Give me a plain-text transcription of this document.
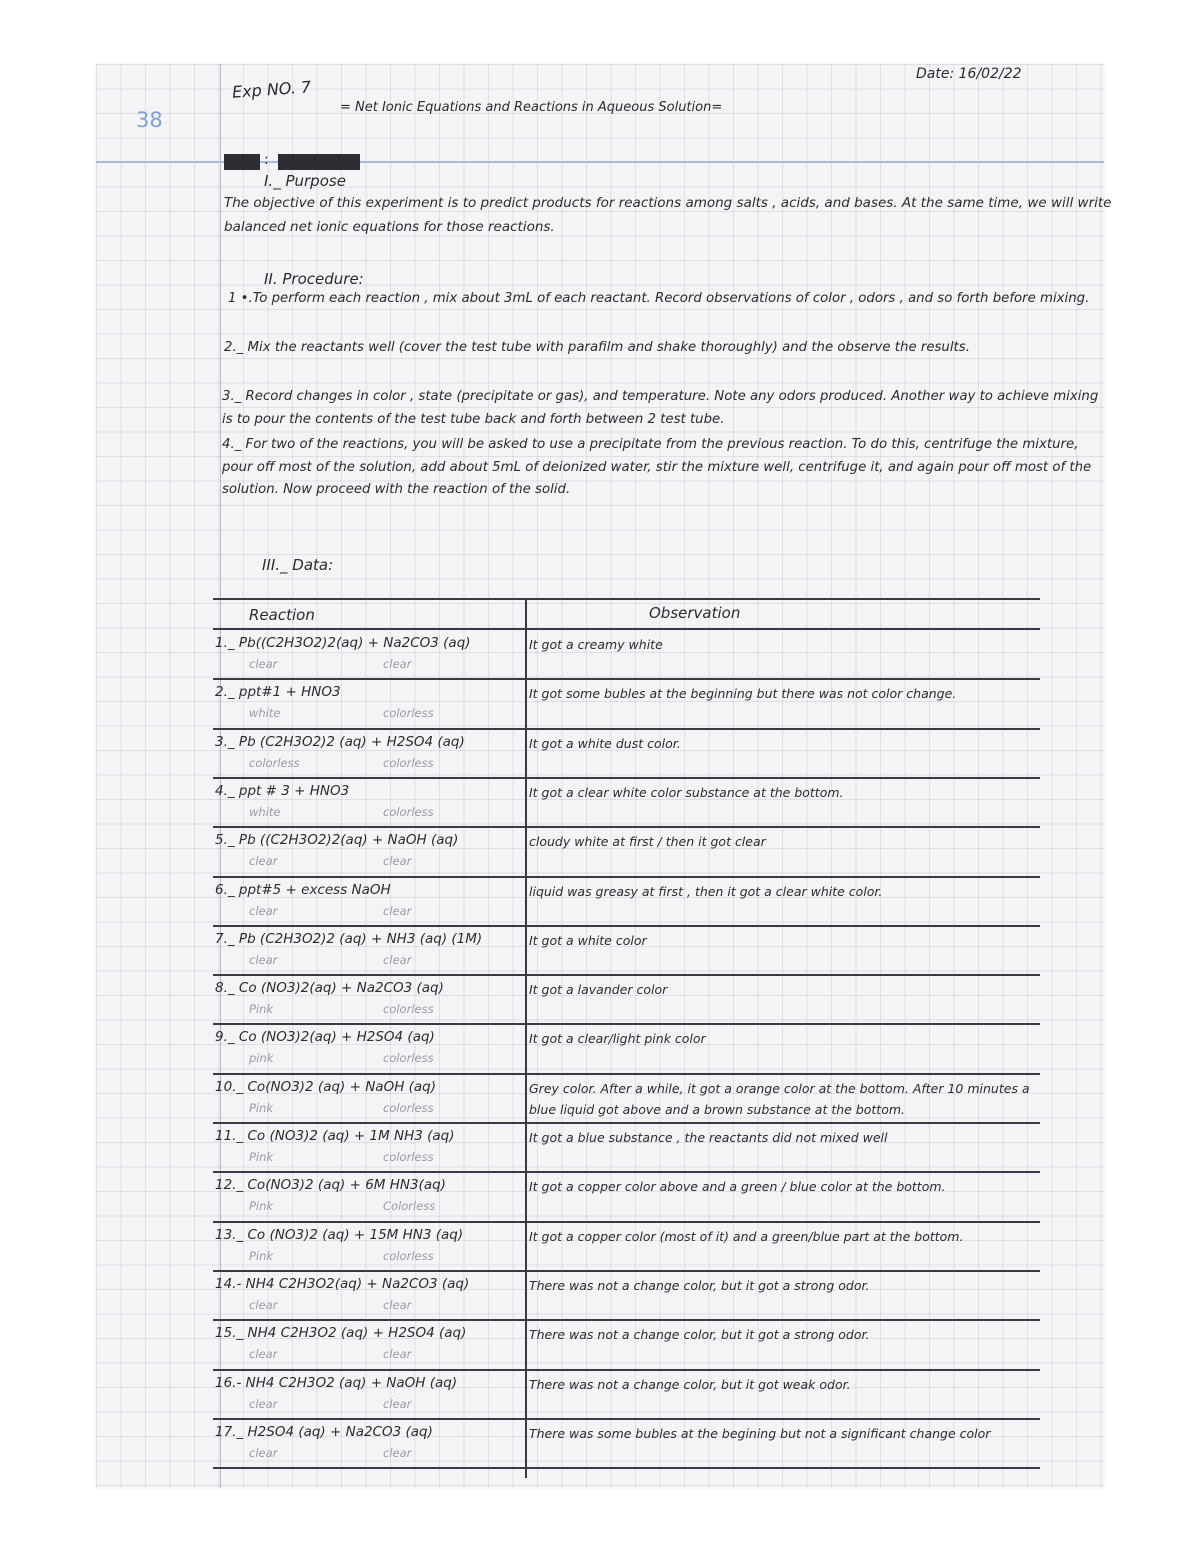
38
Exp NO. 7
Date: 16/02/22
= Net Ionic Equations and Reactions in Aqueous Solution=
:
I._ Purpose
The objective of this experiment is to predict products for reactions among salts , acids, and bases. At the same time, we will write balanced net ionic equations for those reactions.
II. Procedure:
1 •.To perform each reaction , mix about 3mL of each reactant. Record observations of color , odors , and so forth before mixing.
2._ Mix the reactants well (cover the test tube with parafilm and shake thoroughly) and the observe the results.
3._ Record changes in color , state (precipitate or gas), and temperature. Note any odors produced. Another way to achieve mixing is to pour the contents of the test tube back and forth between 2 test tube.
4._ For two of the reactions, you will be asked to use a precipitate from the previous reaction. To do this, centrifuge the mixture, pour off most of the solution, add about 5mL of deionized water, stir the mixture well, centrifuge it, and again pour off most of the solution. Now proceed with the reaction of the solid.
III._ Data:
Reaction	Observation
1._ Pb((C2H3O2)2(aq) + Na2CO3 (aq)
clear	clear
It got a creamy white
2._ ppt#1 + HNO3
white	colorless
It got some bubles at the beginning but there was not color change.
3._ Pb (C2H3O2)2 (aq) + H2SO4 (aq)
colorless	colorless
It got a white dust color.
4._ ppt # 3 + HNO3
white	colorless
It got a clear white color substance at the bottom.
5._ Pb ((C2H3O2)2(aq) + NaOH (aq)
clear	clear
cloudy white at first / then it got clear
6._ ppt#5 + excess NaOH
clear	clear
liquid was greasy at first , then it got a clear white color.
7._ Pb (C2H3O2)2 (aq) + NH3 (aq) (1M)
clear	clear
It got a white color
8._ Co (NO3)2(aq) + Na2CO3 (aq)
Pink	colorless
It got a lavander color
9._ Co (NO3)2(aq) + H2SO4 (aq)
pink	colorless
It got a clear/light pink color
10._ Co(NO3)2 (aq) + NaOH (aq)
Pink	colorless
Grey color. After a while, it got a orange color at the bottom. After 10 minutes a blue liquid got above and a brown substance at the bottom.
11._ Co (NO3)2 (aq) + 1M NH3 (aq)
Pink	colorless
It got a blue substance , the reactants did not mixed well
12._ Co(NO3)2 (aq) + 6M HN3(aq)
Pink	Colorless
It got a copper color above and a green / blue color at the bottom.
13._ Co (NO3)2 (aq) + 15M HN3 (aq)
Pink	colorless
It got a copper color (most of it) and a green/blue part at the bottom.
14.- NH4 C2H3O2(aq) + Na2CO3 (aq)
clear	clear
There was not a change color, but it got a strong odor.
15._ NH4 C2H3O2 (aq) + H2SO4 (aq)
clear	clear
There was not a change color, but it got a strong odor.
16.- NH4 C2H3O2 (aq) + NaOH (aq)
clear	clear
There was not a change color, but it got weak odor.
17._ H2SO4 (aq) + Na2CO3 (aq)
clear	clear
There was some bubles at the begining but not a significant change color
